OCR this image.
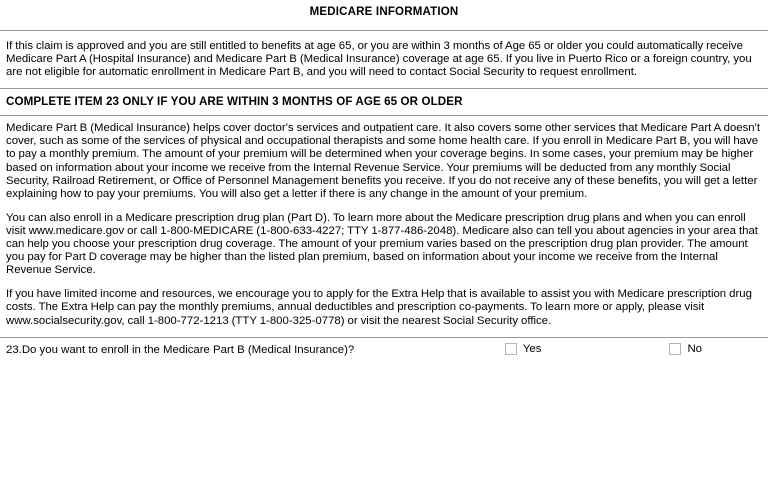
MEDICARE INFORMATION
If this claim is approved and you are still entitled to benefits at age 65, or you are within 3 months of Age 65 or older you could automatically receive Medicare Part A (Hospital Insurance) and Medicare Part B (Medical Insurance) coverage at age 65. If you live in Puerto Rico or a foreign country, you are not eligible for automatic enrollment in Medicare Part B, and you will need to contact Social Security to request enrollment.
COMPLETE ITEM 23 ONLY IF YOU ARE WITHIN 3 MONTHS OF AGE 65 OR OLDER
Medicare Part B (Medical Insurance) helps cover doctor's services and outpatient care. It also covers some other services that Medicare Part A doesn't cover, such as some of the services of physical and occupational therapists and some home health care. If you enroll in Medicare Part B, you will have to pay a monthly premium. The amount of your premium will be determined when your coverage begins. In some cases, your premium may be higher based on information about your income we receive from the Internal Revenue Service. Your premiums will be deducted from any monthly Social Security, Railroad Retirement, or Office of Personnel Management benefits you receive. If you do not receive any of these benefits, you will get a letter explaining how to pay your premiums. You will also get a letter if there is any change in the amount of your premium.
You can also enroll in a Medicare prescription drug plan (Part D). To learn more about the Medicare prescription drug plans and when you can enroll visit www.medicare.gov or call 1-800-MEDICARE (1-800-633-4227; TTY 1-877-486-2048). Medicare also can tell you about agencies in your area that can help you choose your prescription drug coverage. The amount of your premium varies based on the prescription drug plan provider. The amount you pay for Part D coverage may be higher than the listed plan premium, based on information about your income we receive from the Internal Revenue Service.
If you have limited income and resources, we encourage you to apply for the Extra Help that is available to assist you with Medicare prescription drug costs. The Extra Help can pay the monthly premiums, annual deductibles and prescription co-payments. To learn more or apply, please visit www.socialsecurity.gov, call 1-800-772-1213 (TTY 1-800-325-0778) or visit the nearest Social Security office.
23.Do you want to enroll in the Medicare Part B (Medical Insurance)?	Yes	No
